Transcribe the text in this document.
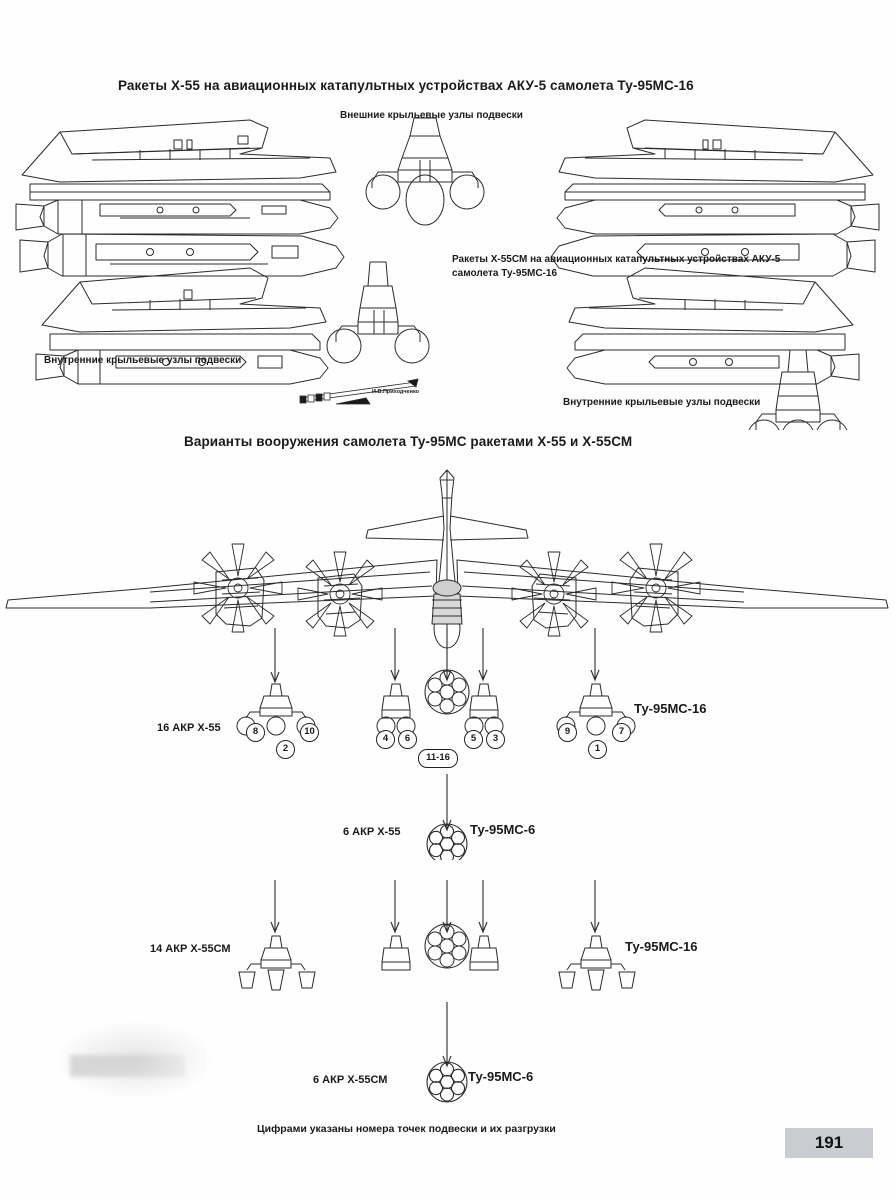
Ракеты Х-55 на авиационных катапультных устройствах АКУ-5 самолета Ту-95МС-16
Внешние крыльевые узлы подвески
Внутренние крыльевые узлы подвески
Внутренние крыльевые узлы подвески
Ракеты Х-55СМ на авиационных катапультных устройствах АКУ-5
самолета Ту-95МС-16
И.В.Приходченко
Варианты вооружения самолета Ту-95МС ракетами Х-55 и Х-55СМ
16 АКР Х-55
Ту-95МС-16
8
2
10
4	6
11-16
5	3
9
1
7
6 АКР Х-55	Ту-95МС-6
14 АКР Х-55СМ	Ту-95МС-16
6 АКР Х-55СМ	Ту-95МС-6
Цифрами указаны номера точек подвески и их разгрузки
191
